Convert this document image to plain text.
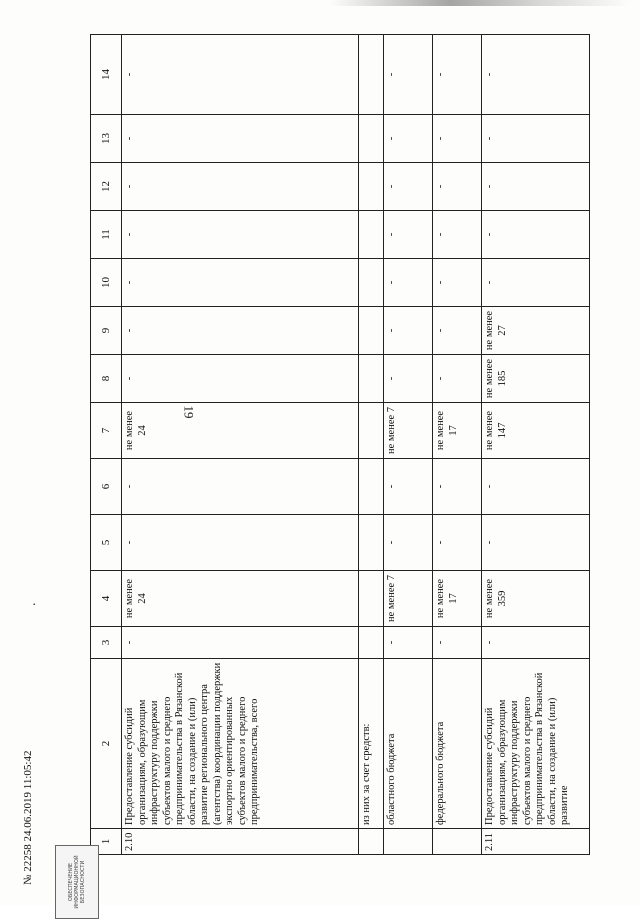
19
⠄
1	2	3	4	5	6	7	8	9	10	11	12	13	14
2.10	Предоставление субсидий организациям, образующим инфраструктуру поддержки субъектов малого и среднего предпринимательства в Рязанской области, на создание и (или) развитие регионального центра (агентства) координации поддержки экспортно ориентированных субъектов малого и среднего предпринимательства, всего	-	не менее 24	-	-	не менее 24	-	-	-	-	-	-	-
	из них за счет средств:												
	областного бюджета	-	не менее 7	-	-	не менее 7	-	-	-	-	-	-	-
	федерального бюджета	-	не менее 17	-	-	не менее 17	-	-	-	-	-	-	-
2.11	Предоставление субсидий организациям, образующим инфраструктуру поддержки субъектов малого и среднего предпринимательства в Рязанской области, на создание и (или) развитие	-	не менее 359	-	-	не менее 147	не менее 185	не менее 27	-	-	-	-	-
№ 22258 24.06.2019 11:05:42	ОБЕСПЕЧЕНИЕ ИНФОРМАЦИОННОЙ БЕЗОПАСНОСТИ
